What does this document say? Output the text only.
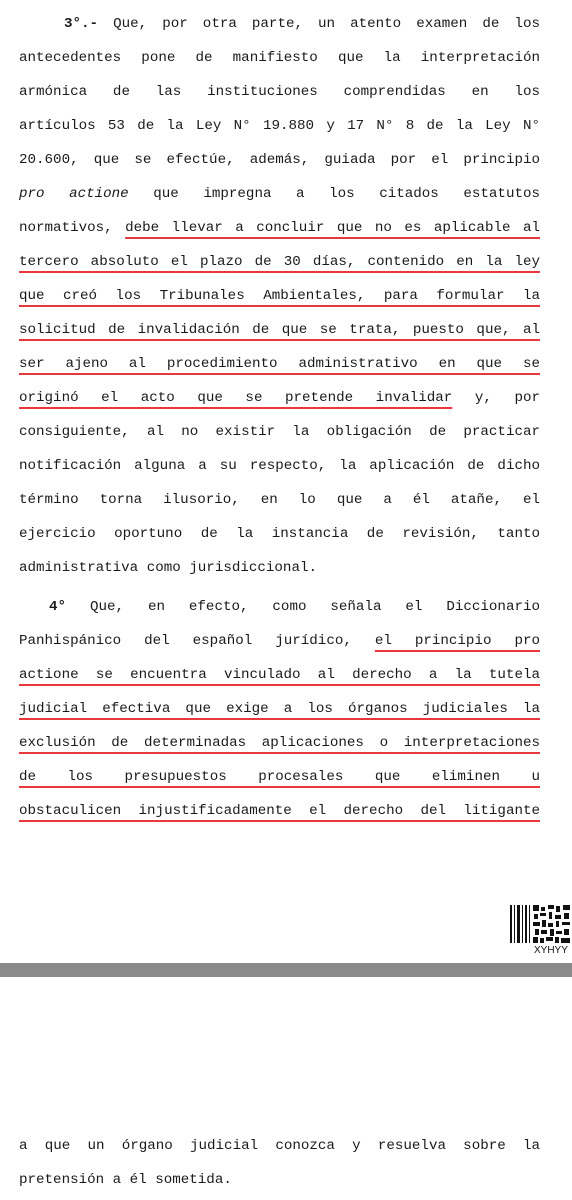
3°.- Que, por otra parte, un atento examen de los
antecedentes pone de manifiesto que la interpretación
armónica de las instituciones comprendidas en los
artículos 53 de la Ley N° 19.880 y 17 N° 8 de la Ley N°
20.600, que se efectúe, además, guiada por el principio
pro actione que impregna a los citados estatutos
normativos, debe llevar a concluir que no es aplicable al
tercero absoluto el plazo de 30 días, contenido en la ley
que creó los Tribunales Ambientales, para formular la
solicitud de invalidación de que se trata, puesto que, al
ser ajeno al procedimiento administrativo en que se
originó el acto que se pretende invalidar y, por
consiguiente, al no existir la obligación de practicar
notificación alguna a su respecto, la aplicación de dicho
término torna ilusorio, en lo que a él atañe, el
ejercicio oportuno de la instancia de revisión, tanto
administrativa como jurisdiccional.
4° Que, en efecto, como señala el Diccionario
Panhispánico del español jurídico, el principio pro
actione se encuentra vinculado al derecho a la tutela
judicial efectiva que exige a los órganos judiciales la
exclusión de determinadas aplicaciones o interpretaciones
de los presupuestos procesales que eliminen u
obstaculicen injustificadamente el derecho del litigante
XYHYY
a que un órgano judicial conozca y resuelva sobre la
pretensión a él sometida.
